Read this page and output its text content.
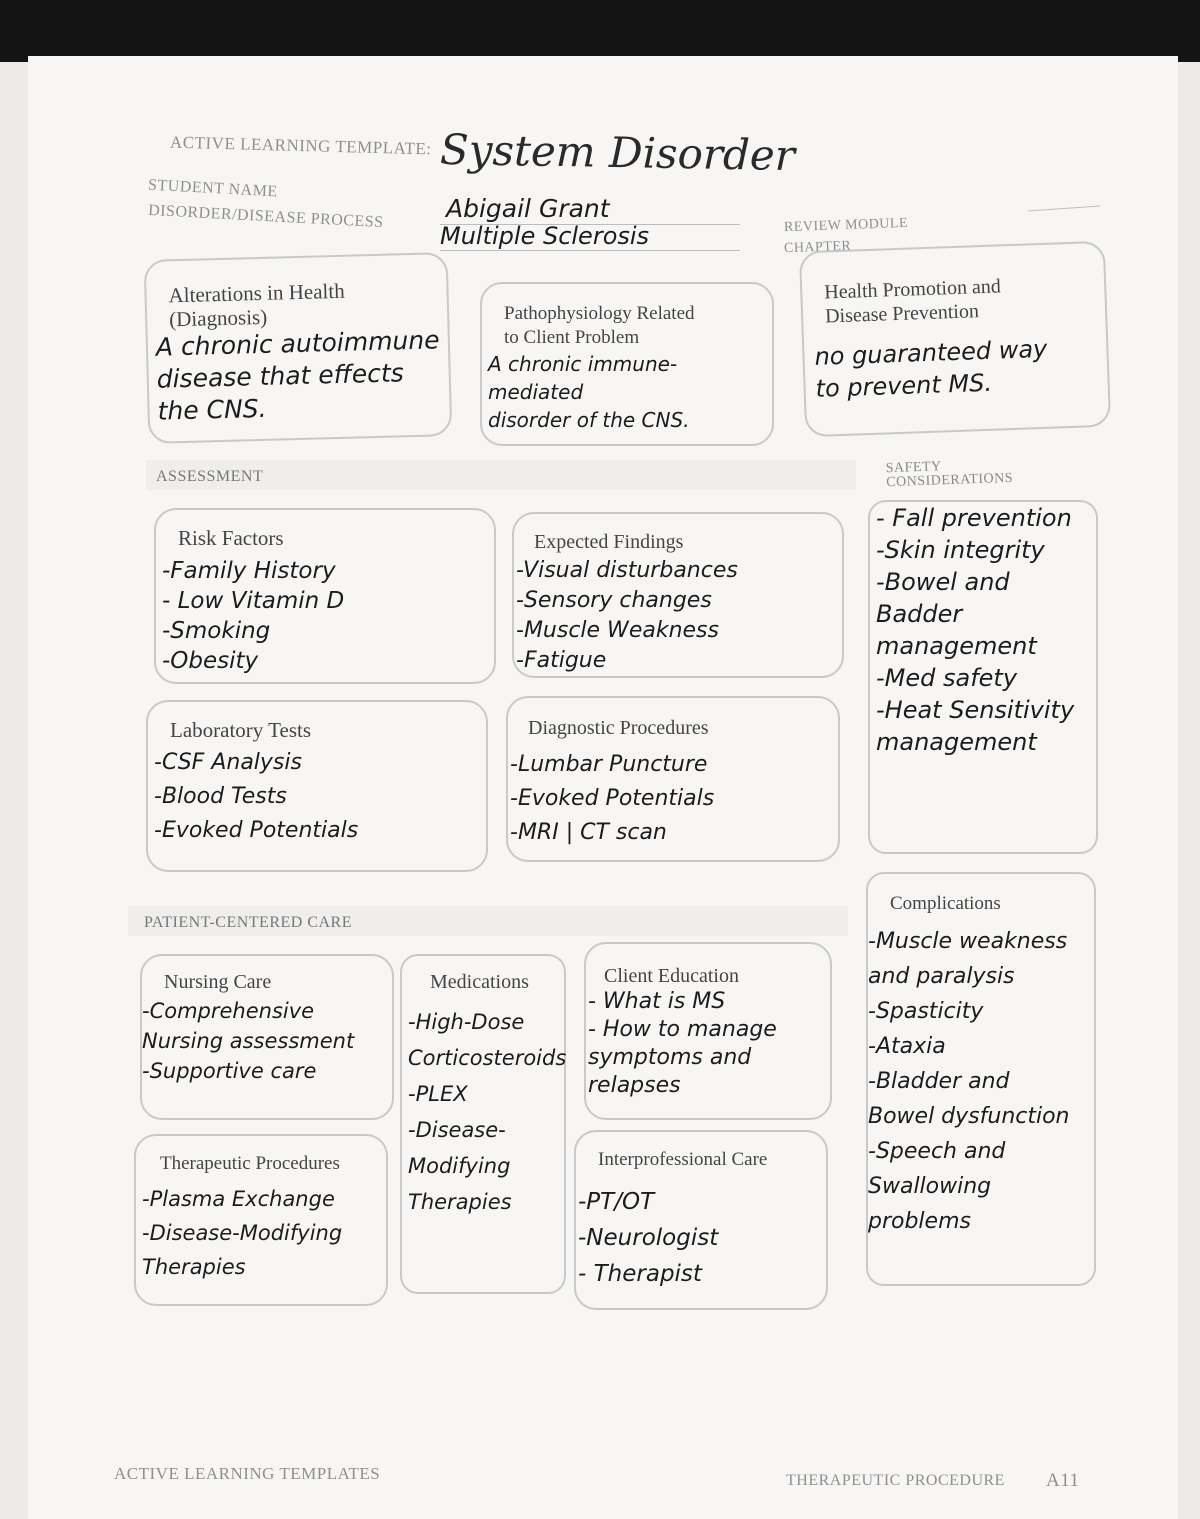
ACTIVE LEARNING TEMPLATE: System Disorder
STUDENT NAME
Abigail Grant
DISORDER/DISEASE PROCESS
Multiple Sclerosis	REVIEW MODULE
CHAPTER
Alterations in Health
(Diagnosis)
A chronic autoimmune
disease that effects
the CNS.
Pathophysiology Related
to Client Problem
A chronic immune-mediated
disorder of the CNS.
Health Promotion and
Disease Prevention
no guaranteed way
to prevent MS.
ASSESSMENT
Risk Factors
-Family History
- Low Vitamin D
-Smoking
-Obesity
Expected Findings
-Visual disturbances
-Sensory changes
-Muscle Weakness
-Fatigue
Laboratory Tests
-CSF Analysis
-Blood Tests
-Evoked Potentials
Diagnostic Procedures
-Lumbar Puncture
-Evoked Potentials
-MRI | CT scan
SAFETY
CONSIDERATIONS
- Fall prevention
-Skin integrity
-Bowel and
Badder management
-Med safety
-Heat Sensitivity
management
Complications
-Muscle weakness
and paralysis
-Spasticity
-Ataxia
-Bladder and
Bowel dysfunction
-Speech and
Swallowing
problems
PATIENT-CENTERED CARE
Nursing Care
-Comprehensive
Nursing assessment
-Supportive care
Medications
-High-Dose
Corticosteroids
-PLEX
-Disease-
Modifying
Therapies
Client Education
- What is MS
- How to manage
symptoms and
relapses
Therapeutic Procedures
-Plasma Exchange
-Disease-Modifying
Therapies
Interprofessional Care
-PT/OT
-Neurologist
- Therapist
ACTIVE LEARNING TEMPLATES	THERAPEUTIC PROCEDURE A11
